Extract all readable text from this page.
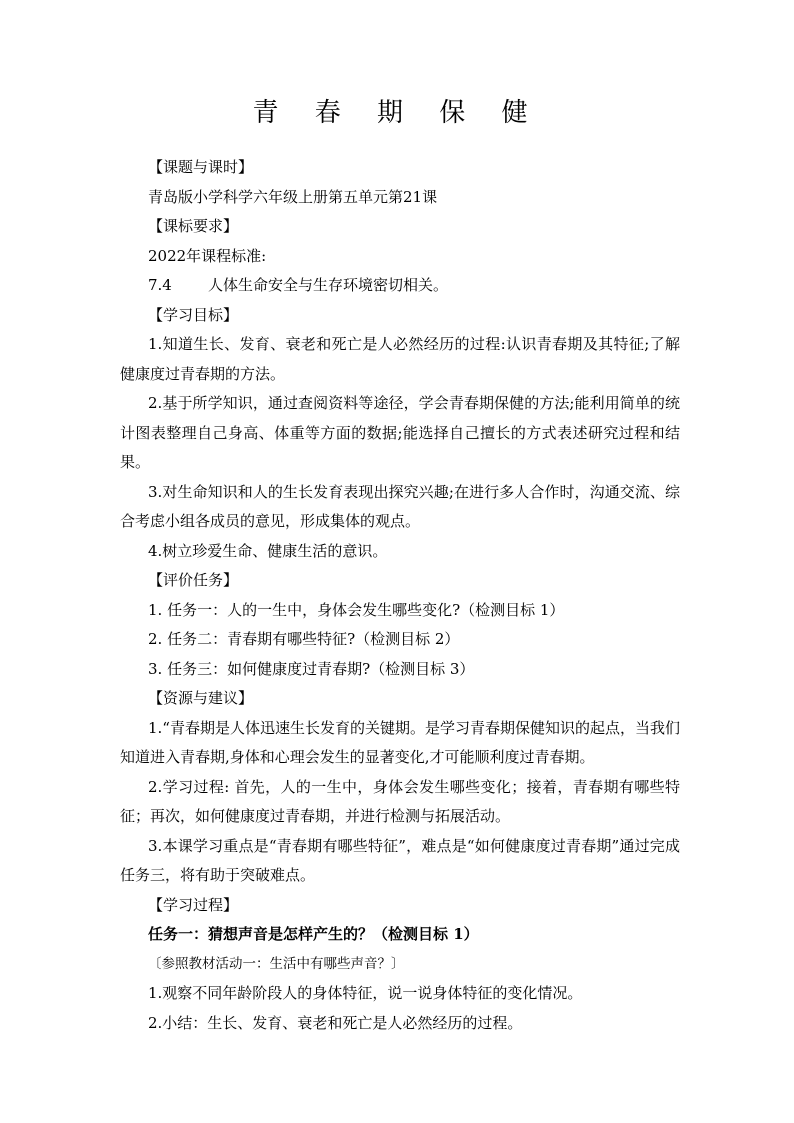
青 春 期 保 健

【课题与课时】

青岛版小学科学六年级上册第五单元第21课

【课标要求】

2022年课程标准:

7.4 人体生命安全与生存环境密切相关。

【学习目标】

1.知道生长、发育、衰老和死亡是人必然经历的过程:认识青春期及其特征;了解健康度过青春期的方法。

2.基于所学知识，通过查阅资料等途径，学会青春期保健的方法;能利用简单的统计图表整理自己身高、体重等方面的数据;能选择自己擅长的方式表述研究过程和结果。

3.对生命知识和人的生长发育表现出探究兴趣;在进行多人合作时，沟通交流、综合考虑小组各成员的意见，形成集体的观点。

4.树立珍爱生命、健康生活的意识。

【评价任务】

1. 任务一：人的一生中，身体会发生哪些变化?（检测目标 1）

2. 任务二：青春期有哪些特征?（检测目标 2）

3. 任务三：如何健康度过青春期?（检测目标 3）

【资源与建议】

1.“青春期是人体迅速生长发育的关键期。是学习青春期保健知识的起点，当我们知道进入青春期,身体和心理会发生的显著变化,才可能顺利度过青春期。

2.学习过程: 首先，人的一生中，身体会发生哪些变化；接着，青春期有哪些特征；再次，如何健康度过青春期，并进行检测与拓展活动。

3.本课学习重点是“青春期有哪些特征”，难点是“如何健康度过青春期”通过完成任务三，将有助于突破难点。

【学习过程】

任务一：猜想声音是怎样产生的？（检测目标 1）

〔参照教材活动一：生活中有哪些声音？〕

1.观察不同年龄阶段人的身体特征，说一说身体特征的变化情况。

2.小结：生长、发育、衰老和死亡是人必然经历的过程。
